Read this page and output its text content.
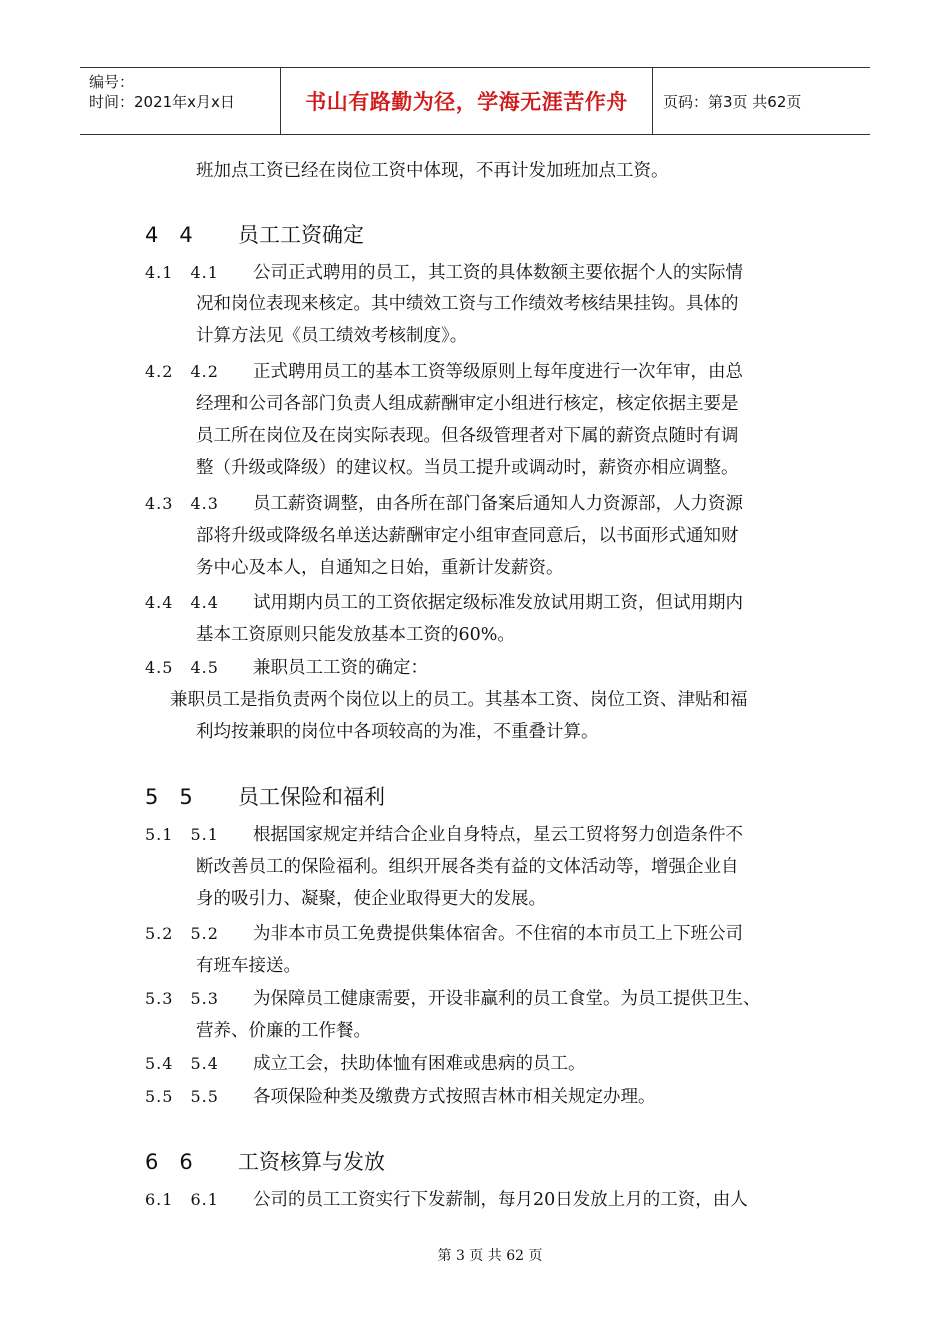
编号：
时间：2021年x月x日	书山有路勤为径，学海无涯苦作舟	页码：第3页 共62页
班加点工资已经在岗位工资中体现，不再计发加班加点工资。
4　4 员工工资确定
4.1　4.1 公司正式聘用的员工，其工资的具体数额主要依据个人的实际情
况和岗位表现来核定。其中绩效工资与工作绩效考核结果挂钩。具体的
计算方法见《员工绩效考核制度》。
4.2　4.2 正式聘用员工的基本工资等级原则上每年度进行一次年审，由总
经理和公司各部门负责人组成薪酬审定小组进行核定，核定依据主要是
员工所在岗位及在岗实际表现。但各级管理者对下属的薪资点随时有调
整（升级或降级）的建议权。当员工提升或调动时，薪资亦相应调整。
4.3　4.3 员工薪资调整，由各所在部门备案后通知人力资源部，人力资源
部将升级或降级名单送达薪酬审定小组审查同意后，以书面形式通知财
务中心及本人，自通知之日始，重新计发薪资。
4.4　4.4 试用期内员工的工资依据定级标准发放试用期工资，但试用期内
基本工资原则只能发放基本工资的60%。
4.5　4.5 兼职员工工资的确定：
兼职员工是指负责两个岗位以上的员工。其基本工资、岗位工资、津贴和福
利均按兼职的岗位中各项较高的为准，不重叠计算。
5　5 员工保险和福利
5.1　5.1 根据国家规定并结合企业自身特点，星云工贸将努力创造条件不
断改善员工的保险福利。组织开展各类有益的文体活动等，增强企业自
身的吸引力、凝聚，使企业取得更大的发展。
5.2　5.2 为非本市员工免费提供集体宿舍。不住宿的本市员工上下班公司
有班车接送。
5.3　5.3 为保障员工健康需要，开设非赢利的员工食堂。为员工提供卫生、
营养、价廉的工作餐。
5.4　5.4 成立工会，扶助体恤有困难或患病的员工。
5.5　5.5 各项保险种类及缴费方式按照吉林市相关规定办理。
6　6 工资核算与发放
6.1　6.1 公司的员工工资实行下发薪制，每月20日发放上月的工资，由人
第 3 页 共 62 页
